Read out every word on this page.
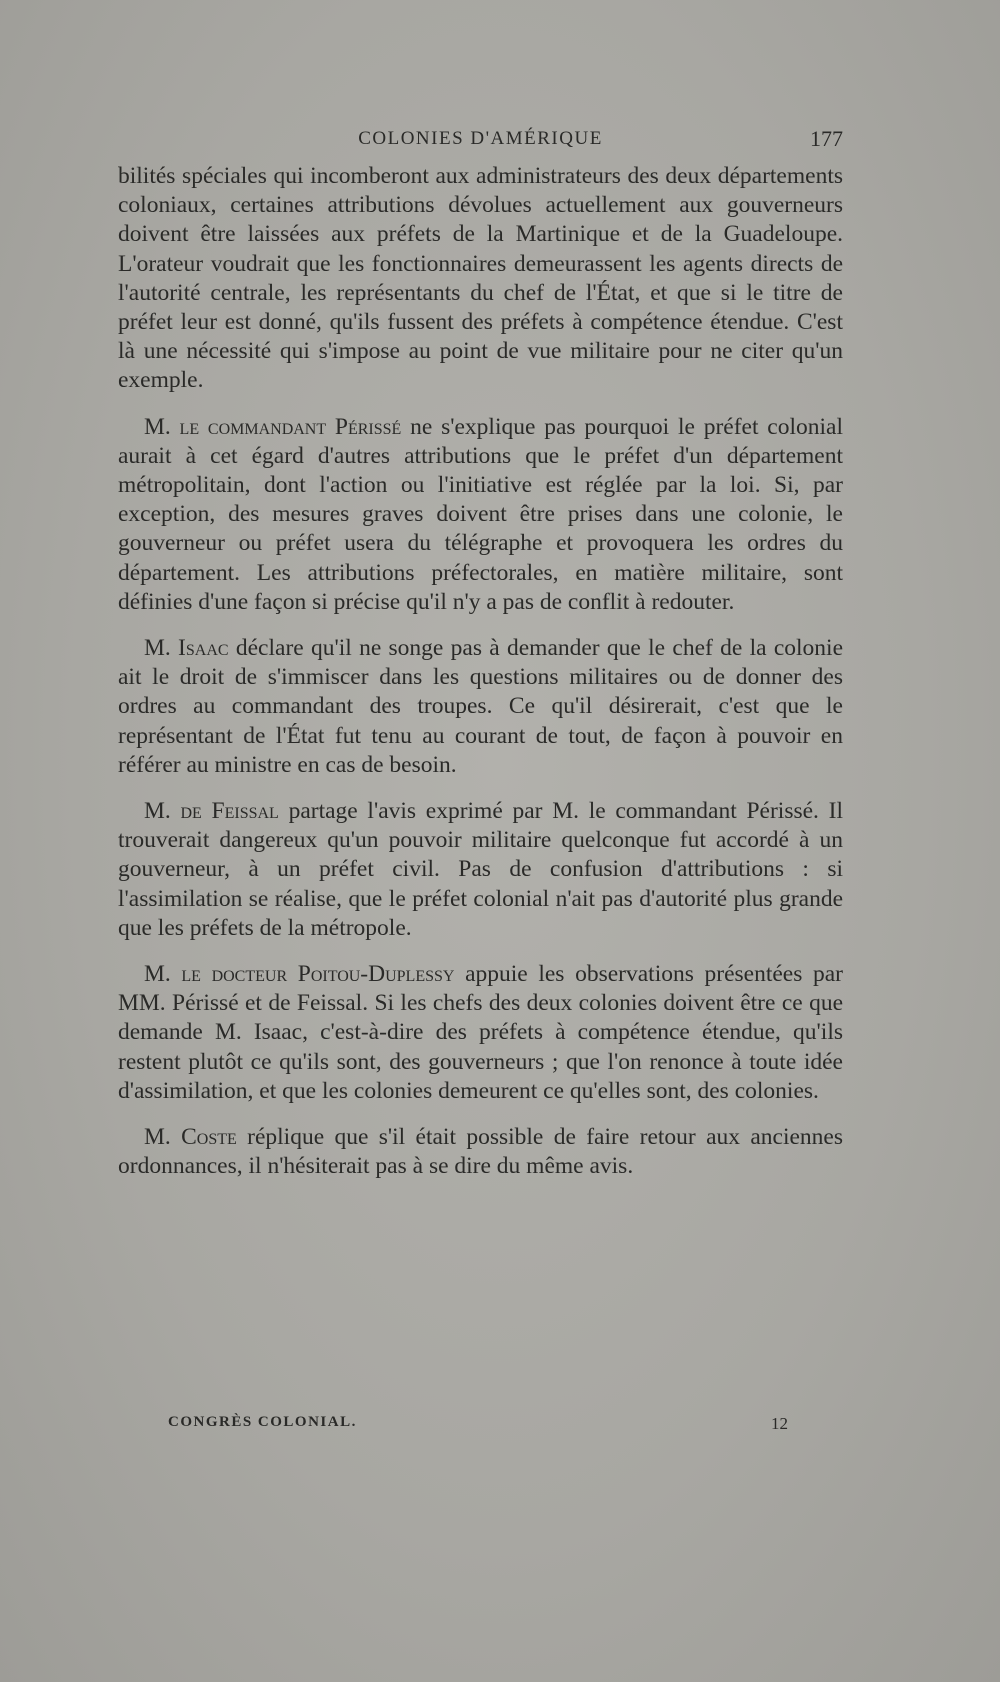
COLONIES D'AMÉRIQUE	177

bilités spéciales qui incomberont aux administrateurs des deux départements coloniaux, certaines attributions dévolues actuellement aux gouverneurs doivent être laissées aux préfets de la Martinique et de la Guadeloupe. L'orateur voudrait que les fonctionnaires demeurassent les agents directs de l'autorité centrale, les représentants du chef de l'État, et que si le titre de préfet leur est donné, qu'ils fussent des préfets à compétence étendue. C'est là une nécessité qui s'impose au point de vue militaire pour ne citer qu'un exemple.

M. le commandant Périssé ne s'explique pas pourquoi le préfet colonial aurait à cet égard d'autres attributions que le préfet d'un département métropolitain, dont l'action ou l'initiative est réglée par la loi. Si, par exception, des mesures graves doivent être prises dans une colonie, le gouverneur ou préfet usera du télégraphe et provoquera les ordres du département. Les attributions préfectorales, en matière militaire, sont définies d'une façon si précise qu'il n'y a pas de conflit à redouter.

M. Isaac déclare qu'il ne songe pas à demander que le chef de la colonie ait le droit de s'immiscer dans les questions militaires ou de donner des ordres au commandant des troupes. Ce qu'il désirerait, c'est que le représentant de l'État fut tenu au courant de tout, de façon à pouvoir en référer au ministre en cas de besoin.

M. de Feissal partage l'avis exprimé par M. le commandant Périssé. Il trouverait dangereux qu'un pouvoir militaire quelconque fut accordé à un gouverneur, à un préfet civil. Pas de confusion d'attributions : si l'assimilation se réalise, que le préfet colonial n'ait pas d'autorité plus grande que les préfets de la métropole.

M. le docteur Poitou-Duplessy appuie les observations présentées par MM. Périssé et de Feissal. Si les chefs des deux colonies doivent être ce que demande M. Isaac, c'est-à-dire des préfets à compétence étendue, qu'ils restent plutôt ce qu'ils sont, des gouverneurs ; que l'on renonce à toute idée d'assimilation, et que les colonies demeurent ce qu'elles sont, des colonies.

M. Coste réplique que s'il était possible de faire retour aux anciennes ordonnances, il n'hésiterait pas à se dire du même avis.

CONGRÈS COLONIAL.	12
